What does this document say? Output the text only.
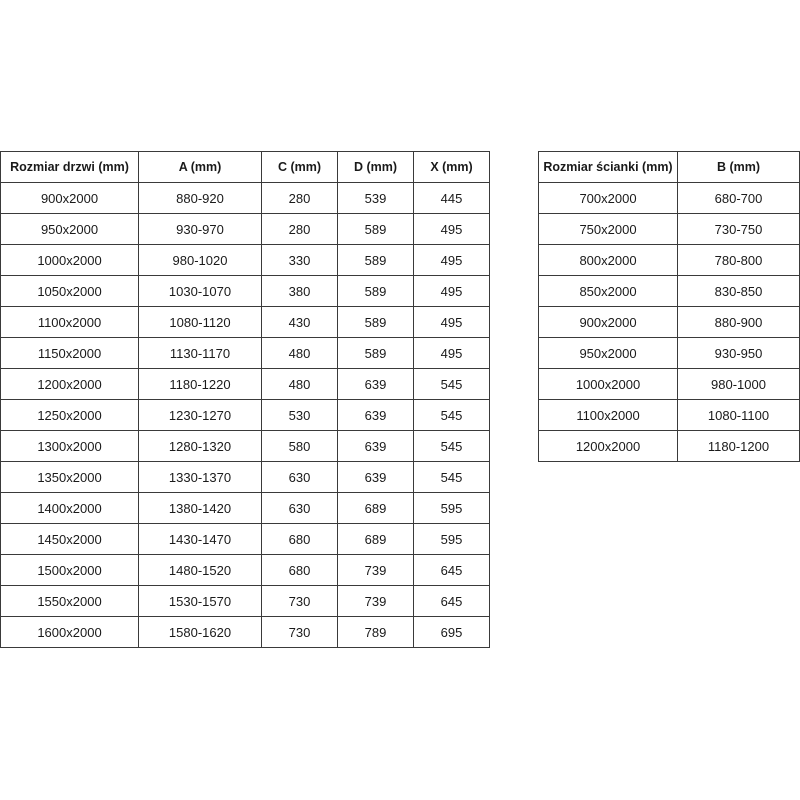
Rozmiar drzwi (mm)	A (mm)	C (mm)	D (mm)	X (mm)
900x2000	880-920	280	539	445
950x2000	930-970	280	589	495
1000x2000	980-1020	330	589	495
1050x2000	1030-1070	380	589	495
1100x2000	1080-1120	430	589	495
1150x2000	1130-1170	480	589	495
1200x2000	1180-1220	480	639	545
1250x2000	1230-1270	530	639	545
1300x2000	1280-1320	580	639	545
1350x2000	1330-1370	630	639	545
1400x2000	1380-1420	630	689	595
1450x2000	1430-1470	680	689	595
1500x2000	1480-1520	680	739	645
1550x2000	1530-1570	730	739	645
1600x2000	1580-1620	730	789	695
Rozmiar ścianki (mm)	B (mm)
700x2000	680-700
750x2000	730-750
800x2000	780-800
850x2000	830-850
900x2000	880-900
950x2000	930-950
1000x2000	980-1000
1100x2000	1080-1100
1200x2000	1180-1200
